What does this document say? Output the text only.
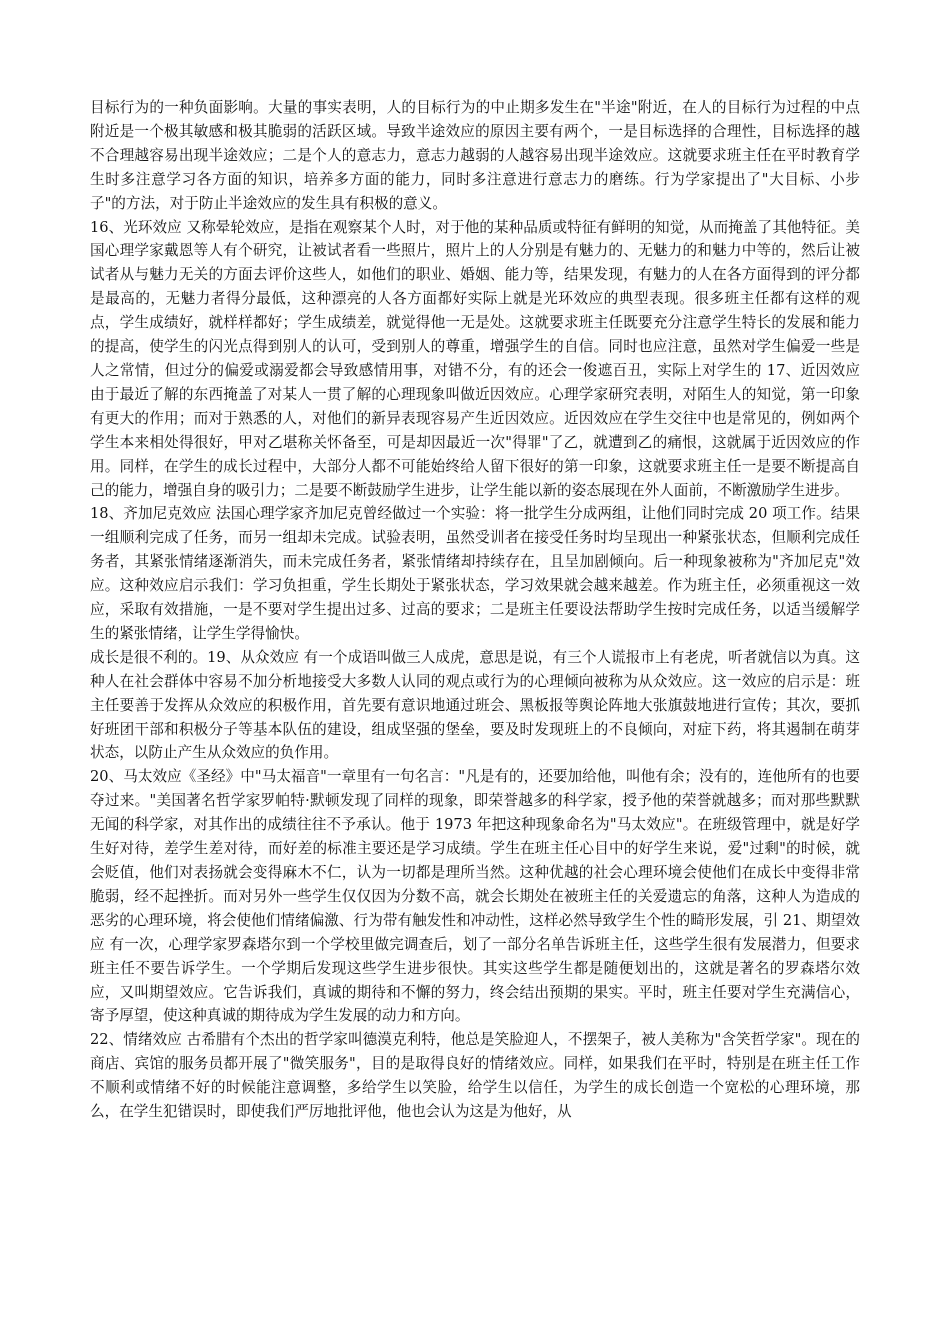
目标行为的一种负面影响。大量的事实表明，人的目标行为的中止期多发生在"半途"附近，在人的目标行为过程的中点附近是一个极其敏感和极其脆弱的活跃区域。导致半途效应的原因主要有两个，一是目标选择的合理性，目标选择的越不合理越容易出现半途效应；二是个人的意志力，意志力越弱的人越容易出现半途效应。这就要求班主任在平时教育学生时多注意学习各方面的知识，培养多方面的能力，同时多注意进行意志力的磨练。行为学家提出了"大目标、小步子"的方法，对于防止半途效应的发生具有积极的意义。

16、光环效应 又称晕轮效应，是指在观察某个人时，对于他的某种品质或特征有鲜明的知觉，从而掩盖了其他特征。美国心理学家戴恩等人有个研究，让被试者看一些照片，照片上的人分别是有魅力的、无魅力的和魅力中等的，然后让被试者从与魅力无关的方面去评价这些人，如他们的职业、婚姻、能力等，结果发现，有魅力的人在各方面得到的评分都是最高的，无魅力者得分最低，这种漂亮的人各方面都好实际上就是光环效应的典型表现。很多班主任都有这样的观点，学生成绩好，就样样都好；学生成绩差，就觉得他一无是处。这就要求班主任既要充分注意学生特长的发展和能力的提高，使学生的闪光点得到别人的认可，受到别人的尊重，增强学生的自信。同时也应注意，虽然对学生偏爱一些是人之常情，但过分的偏爱或溺爱都会导致感情用事，对错不分，有的还会一俊遮百丑，实际上对学生的 17、近因效应 由于最近了解的东西掩盖了对某人一贯了解的心理现象叫做近因效应。心理学家研究表明，对陌生人的知觉，第一印象有更大的作用；而对于熟悉的人，对他们的新异表现容易产生近因效应。近因效应在学生交往中也是常见的，例如两个学生本来相处得很好，甲对乙堪称关怀备至，可是却因最近一次"得罪"了乙，就遭到乙的痛恨，这就属于近因效应的作用。同样，在学生的成长过程中，大部分人都不可能始终给人留下很好的第一印象，这就要求班主任一是要不断提高自己的能力，增强自身的吸引力；二是要不断鼓励学生进步，让学生能以新的姿态展现在外人面前，不断激励学生进步。

18、齐加尼克效应 法国心理学家齐加尼克曾经做过一个实验：将一批学生分成两组，让他们同时完成 20 项工作。结果一组顺利完成了任务，而另一组却未完成。试验表明，虽然受训者在接受任务时均呈现出一种紧张状态，但顺利完成任务者，其紧张情绪逐渐消失，而未完成任务者，紧张情绪却持续存在，且呈加剧倾向。后一种现象被称为"齐加尼克"效应。这种效应启示我们：学习负担重，学生长期处于紧张状态，学习效果就会越来越差。作为班主任，必须重视这一效应，采取有效措施，一是不要对学生提出过多、过高的要求；二是班主任要设法帮助学生按时完成任务，以适当缓解学生的紧张情绪，让学生学得愉快。

成长是很不利的。19、从众效应 有一个成语叫做三人成虎，意思是说，有三个人谎报市上有老虎，听者就信以为真。这种人在社会群体中容易不加分析地接受大多数人认同的观点或行为的心理倾向被称为从众效应。这一效应的启示是：班主任要善于发挥从众效应的积极作用，首先要有意识地通过班会、黑板报等舆论阵地大张旗鼓地进行宣传；其次，要抓好班团干部和积极分子等基本队伍的建设，组成坚强的堡垒，要及时发现班上的不良倾向，对症下药，将其遏制在萌芽状态，以防止产生从众效应的负作用。

20、马太效应《圣经》中"马太福音"一章里有一句名言："凡是有的，还要加给他，叫他有余；没有的，连他所有的也要夺过来。"美国著名哲学家罗帕特·默顿发现了同样的现象，即荣誉越多的科学家，授予他的荣誉就越多；而对那些默默无闻的科学家，对其作出的成绩往往不予承认。他于 1973 年把这种现象命名为"马太效应"。在班级管理中，就是好学生好对待，差学生差对待，而好差的标准主要还是学习成绩。学生在班主任心目中的好学生来说，爱"过剩"的时候，就会贬值，他们对表扬就会变得麻木不仁，认为一切都是理所当然。这种优越的社会心理环境会使他们在成长中变得非常脆弱，经不起挫折。而对另外一些学生仅仅因为分数不高，就会长期处在被班主任的关爱遗忘的角落，这种人为造成的恶劣的心理环境，将会使他们情绪偏激、行为带有触发性和冲动性，这样必然导致学生个性的畸形发展，引 21、期望效应 有一次，心理学家罗森塔尔到一个学校里做完调查后，划了一部分名单告诉班主任，这些学生很有发展潜力，但要求班主任不要告诉学生。一个学期后发现这些学生进步很快。其实这些学生都是随便划出的，这就是著名的罗森塔尔效应，又叫期望效应。它告诉我们，真诚的期待和不懈的努力，终会结出预期的果实。平时，班主任要对学生充满信心，寄予厚望，使这种真诚的期待成为学生发展的动力和方向。

22、情绪效应 古希腊有个杰出的哲学家叫德漠克利特，他总是笑脸迎人，不摆架子，被人美称为"含笑哲学家"。现在的商店、宾馆的服务员都开展了"微笑服务"，目的是取得良好的情绪效应。同样，如果我们在平时，特别是在班主任工作不顺利或情绪不好的时候能注意调整，多给学生以笑脸，给学生以信任，为学生的成长创造一个宽松的心理环境，那么，在学生犯错误时，即使我们严厉地批评他，他也会认为这是为他好，从
